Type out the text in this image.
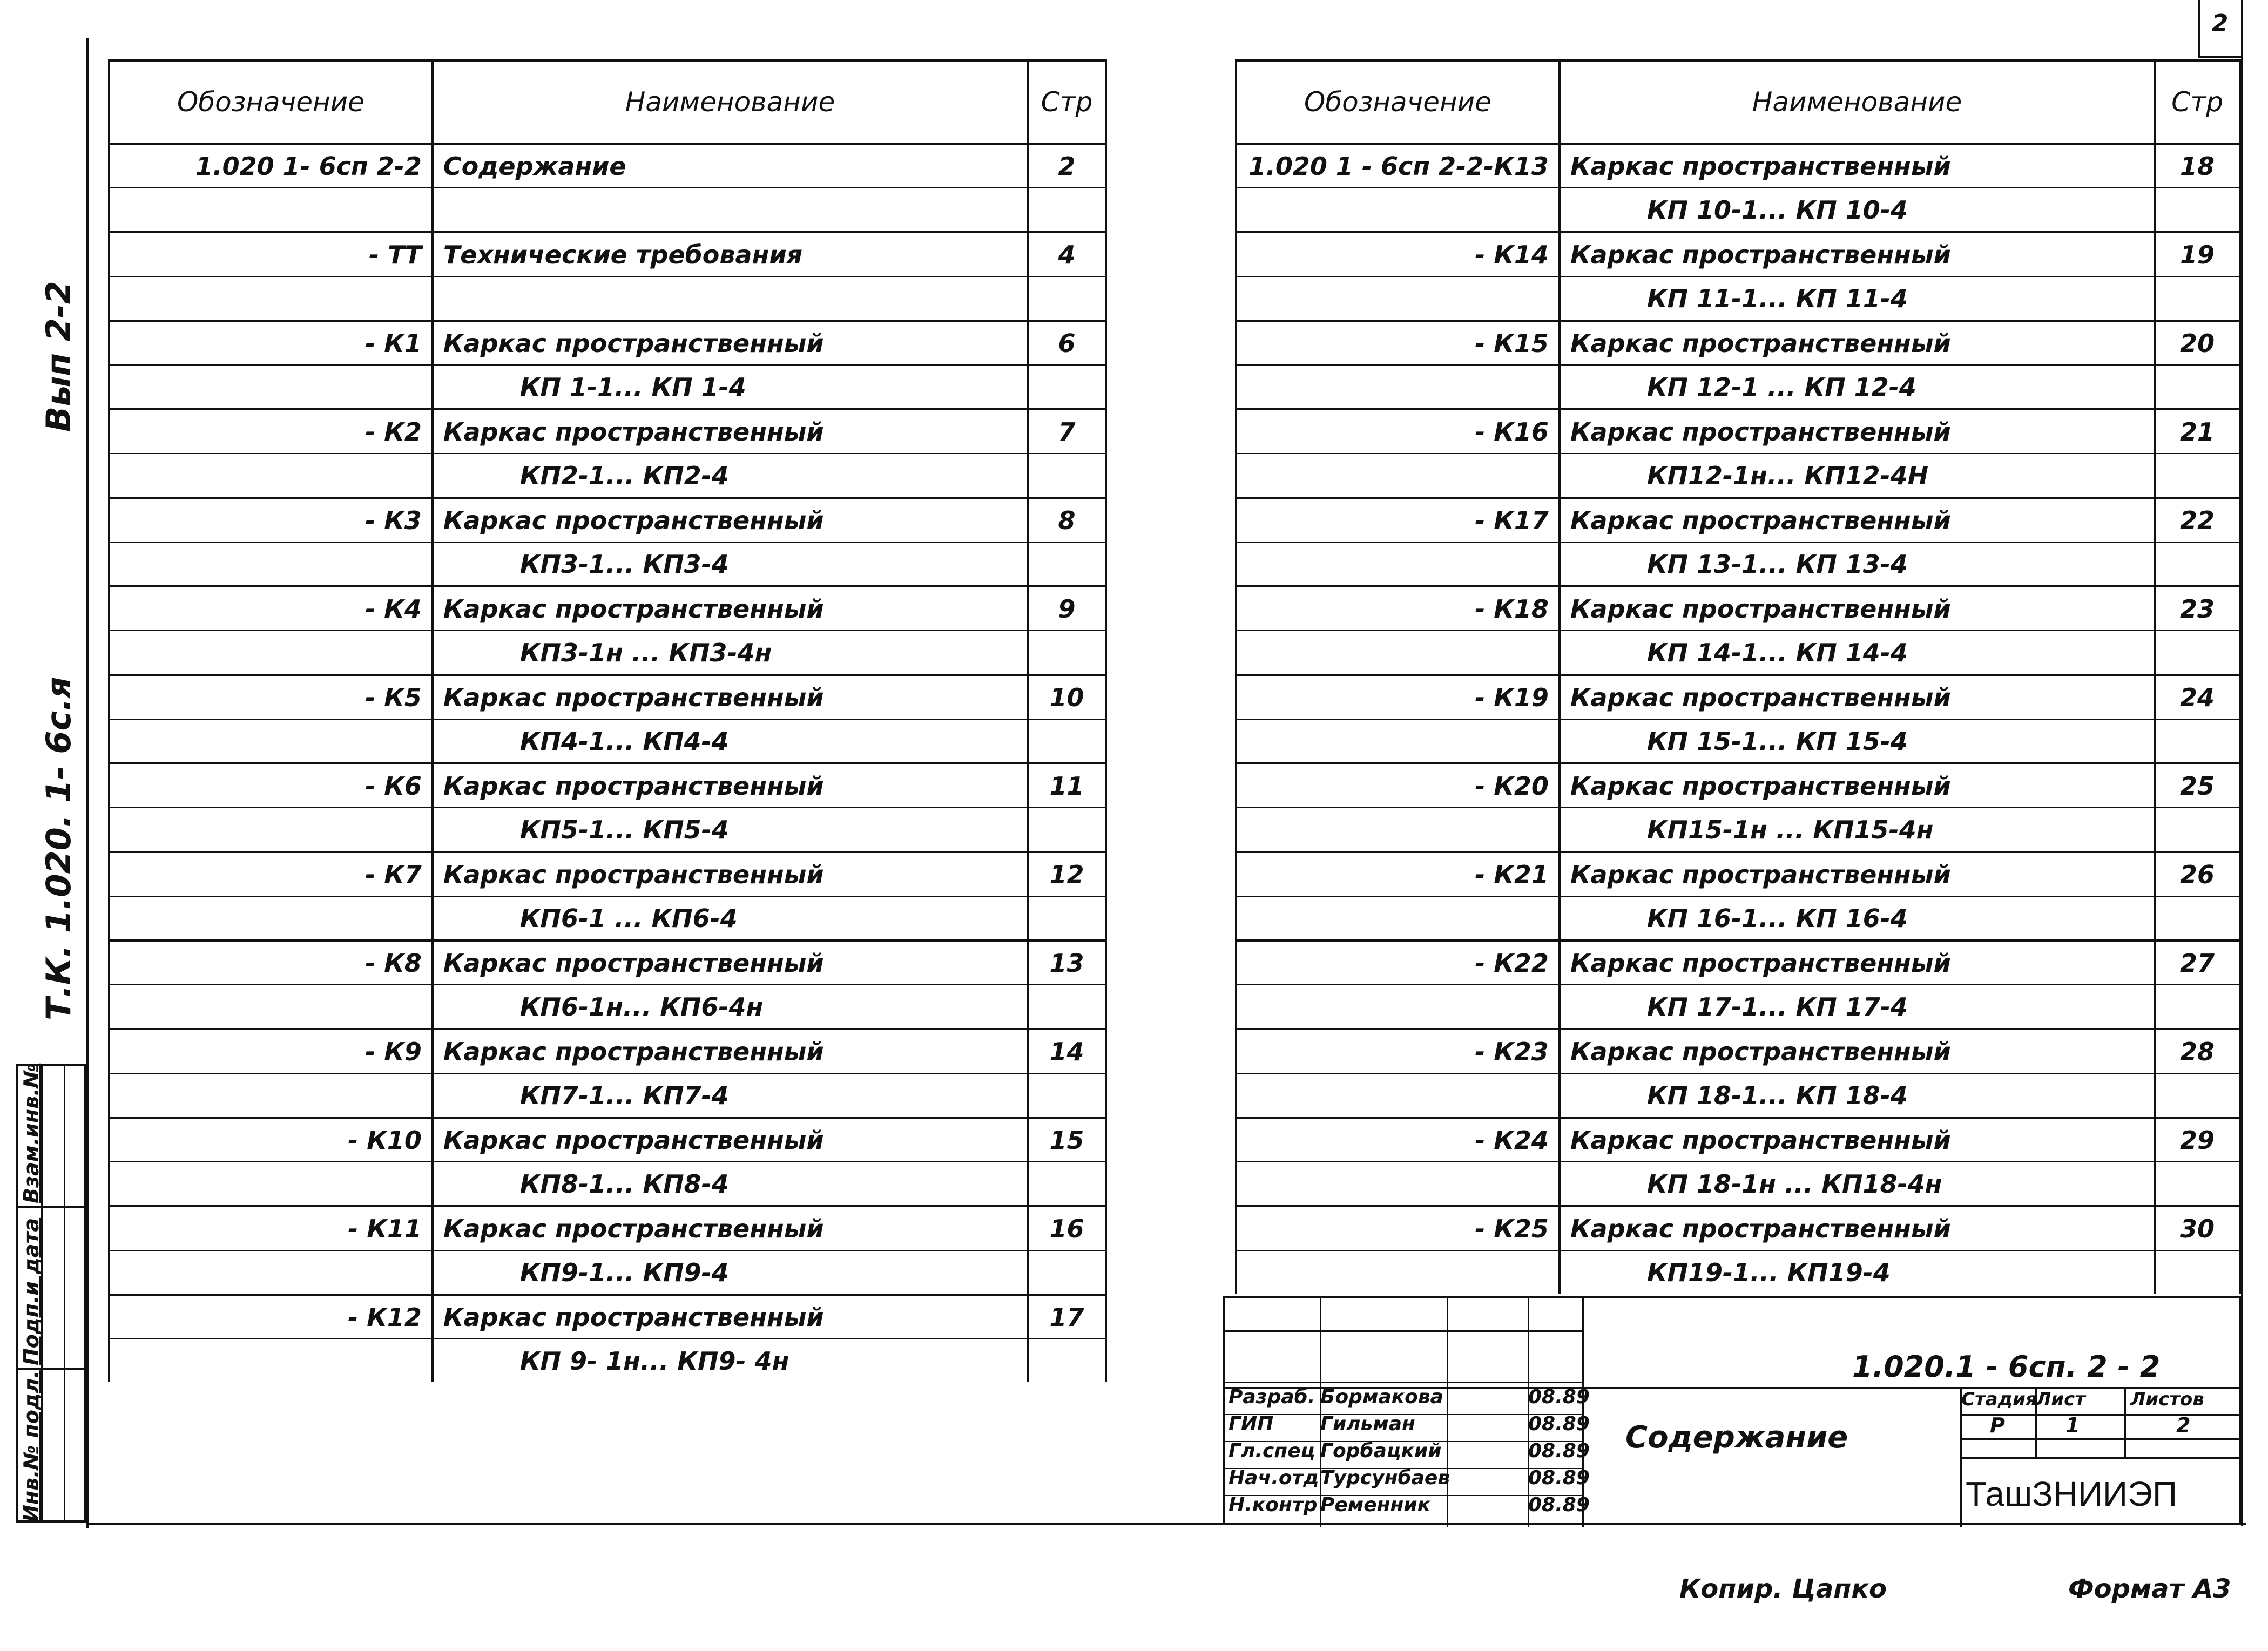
2
Вып 2-2
Т.К. 1.020. 1- 6с.я
Инв.№ подл.
Подп.и дата
Взам.инв.№
Обозначение	Наименование	Стр
1.020 1- 6сп 2-2	Содержание	2

- ТТ	Технические требования	4

- К1	Каркас пространственный	6
	КП 1-1... КП 1-4	
- К2	Каркас пространственный	7
	КП2-1... КП2-4	
- К3	Каркас пространственный	8
	КП3-1... КП3-4	
- К4	Каркас пространственный	9
	КП3-1н ... КП3-4н	
- К5	Каркас пространственный	10
	КП4-1... КП4-4	
- К6	Каркас пространственный	11
	КП5-1... КП5-4	
- К7	Каркас пространственный	12
	КП6-1 ... КП6-4	
- К8	Каркас пространственный	13
	КП6-1н... КП6-4н	
- К9	Каркас пространственный	14
	КП7-1... КП7-4	
- К10	Каркас пространственный	15
	КП8-1... КП8-4	
- К11	Каркас пространственный	16
	КП9-1... КП9-4	
- К12	Каркас пространственный	17
	КП 9- 1н... КП9- 4н	
Обозначение	Наименование	Стр
1.020 1 - 6сп 2-2-К13	Каркас пространственный	18
	КП 10-1... КП 10-4	
- К14	Каркас пространственный	19
	КП 11-1... КП 11-4	
- К15	Каркас пространственный	20
	КП 12-1 ... КП 12-4	
- К16	Каркас пространственный	21
	КП12-1н... КП12-4Н	
- К17	Каркас пространственный	22
	КП 13-1... КП 13-4	
- К18	Каркас пространственный	23
	КП 14-1... КП 14-4	
- К19	Каркас пространственный	24
	КП 15-1... КП 15-4	
- К20	Каркас пространственный	25
	КП15-1н ... КП15-4н	
- К21	Каркас пространственный	26
	КП 16-1... КП 16-4	
- К22	Каркас пространственный	27
	КП 17-1... КП 17-4	
- К23	Каркас пространственный	28
	КП 18-1... КП 18-4	
- К24	Каркас пространственный	29
	КП 18-1н ... КП18-4н	
- К25	Каркас пространственный	30
	КП19-1... КП19-4	
Разраб. Бормакова	08.89
ГИП Гильман	08.89
Гл.спец Горбацкий	08.89
Нач.отд Турсунбаев	08.89
Н.контр Ременник	08.89
1.020.1 - 6сп. 2 - 2
Содержание
Стадия
Лист Листов
Р	1	2
ТашЗНИИЭП
Копир. Цапко	Формат А3
